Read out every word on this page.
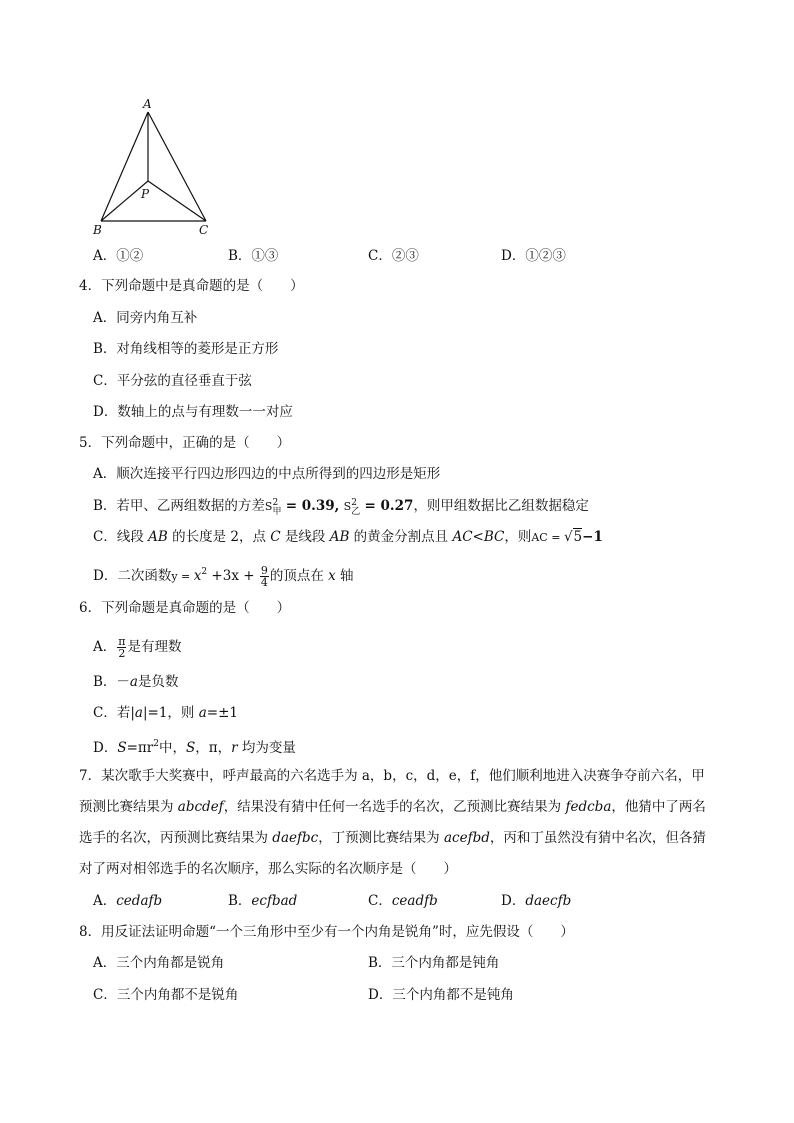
A
P
B	C
A．①②	B．①③	C．②③	D．①②③
4．下列命题中是真命题的是（　　）
A．同旁内角互补
B．对角线相等的菱形是正方形
C．平分弦的直径垂直于弦
D．数轴上的点与有理数一一对应
5．下列命题中，正确的是（　　）
A．顺次连接平行四边形四边的中点所得到的四边形是矩形
B．若甲、乙两组数据的方差S 2
甲 = 0.39, S 2
乙 = 0.27，则甲组数据比乙组数据稳定
C．线段 AB 的长度是 2，点 C 是线段 AB 的黄金分割点且 AC<BC，则AC = √5−1
D．二次函数$y = x^2 +3x + \frac{9}{4}$ 的顶点在 x 轴
6．下列命题是真命题的是（　　）
A． $\frac{\pi}{2}$ 是有理数
B．－a是负数
C．若|a|=1，则 a=±1
D．$S=\pi r^2$中，S，π，r 均为变量
7．某次歌手大奖赛中，呼声最高的六名选手为 a，b，c，d，e，f，他们顺利地进入决赛争夺前六名，甲
预测比赛结果为 abcdef，结果没有猜中任何一名选手的名次，乙预测比赛结果为 fedcba，他猜中了两名
选手的名次，丙预测比赛结果为 daefbc，丁预测比赛结果为 acefbd，丙和丁虽然没有猜中名次，但各猜
对了两对相邻选手的名次顺序，那么实际的名次顺序是（　　）
A．cedafb	B．ecfbad	C．ceadfb	D．daecfb
8．用反证法证明命题“一个三角形中至少有一个内角是锐角”时，应先假设（　　）
A．三个内角都是锐角	B．三个内角都是钝角
C．三个内角都不是锐角	D．三个内角都不是钝角
